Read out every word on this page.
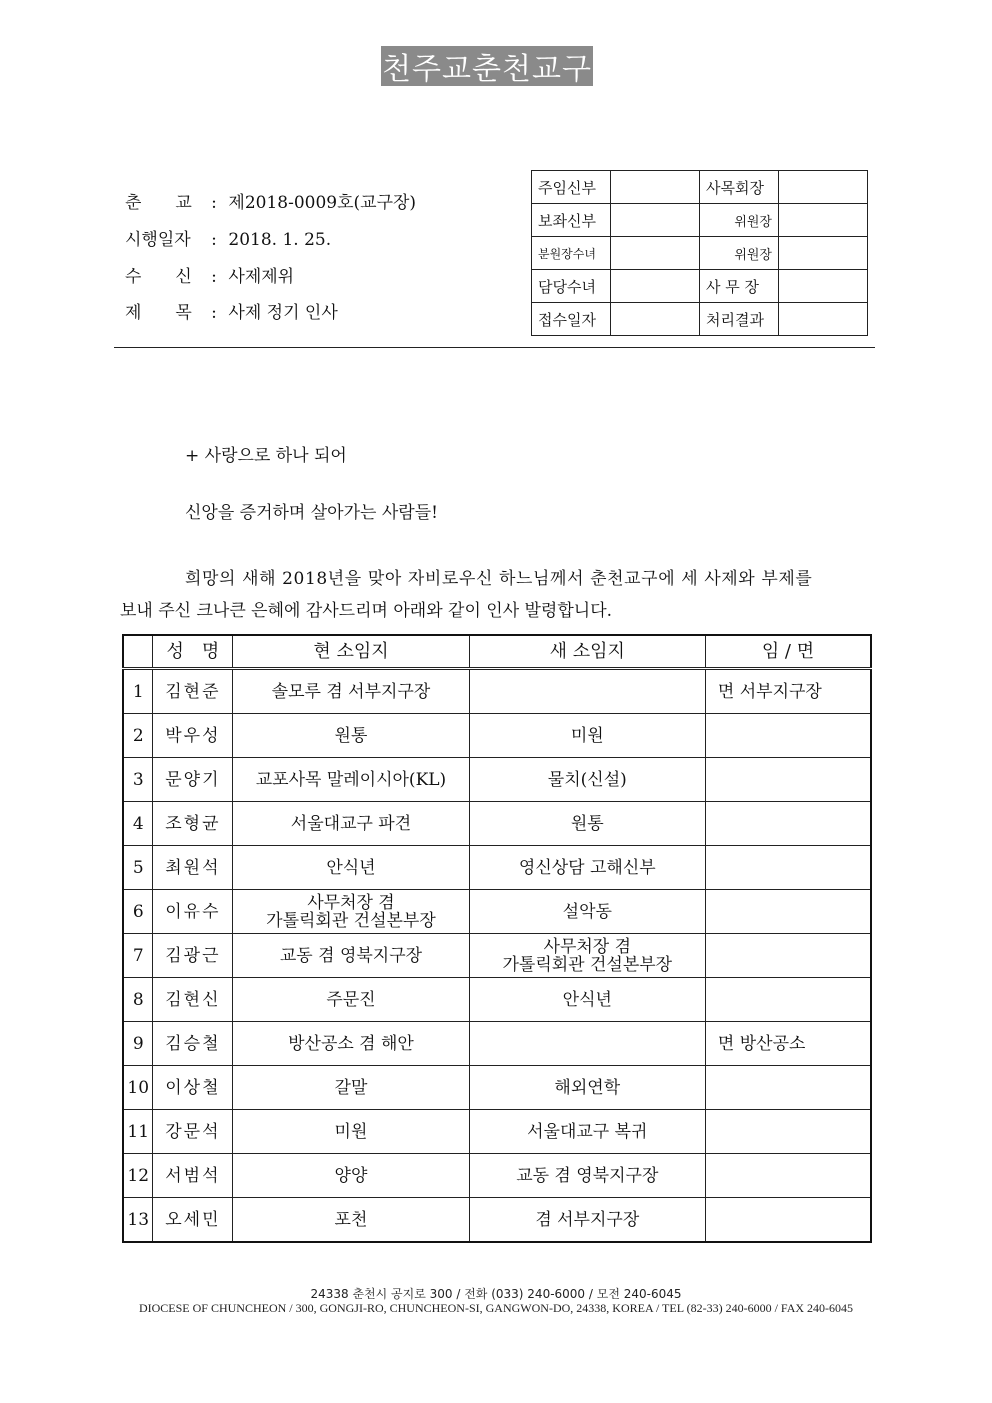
천주교춘천교구
춘　　교 : 제2018-0009호(교구장)
시행일자 : 2018. 1. 25.
수　　신 : 사제제위
제　　목 : 사제 정기 인사
주임신부		사목회장	
보좌신부		위원장	
분원장수녀		위원장	
담당수녀		사 무 장	
접수일자		처리결과	
+ 사랑으로 하나 되어
신앙을 증거하며 살아가는 사람들!
희망의 새해 2018년을 맞아 자비로우신 하느님께서 춘천교구에 세 사제와 부제를
보내 주신 크나큰 은혜에 감사드리며 아래와 같이 인사 발령합니다.
	성　명	현 소임지	새 소임지	임 / 면
1	김현준	솔모루 겸 서부지구장		면 서부지구장
2	박우성	원통	미원	
3	문양기	교포사목 말레이시아(KL)	물치(신설)	
4	조형균	서울대교구 파견	원통	
5	최원석	안식년	영신상담 고해신부	
6	이유수	사무처장 겸
가톨릭회관 건설본부장	설악동	
7	김광근	교동 겸 영북지구장	사무처장 겸
가톨릭회관 건설본부장	
8	김현신	주문진	안식년	
9	김승철	방산공소 겸 해안		면 방산공소
10	이상철	갈말	해외연학	
11	강문석	미원	서울대교구 복귀	
12	서범석	양양	교동 겸 영북지구장	
13	오세민	포천	겸 서부지구장	
24338 춘천시 공지로 300 / 전화 (033) 240-6000 / 모전 240-6045
DIOCESE OF CHUNCHEON / 300, GONGJI-RO, CHUNCHEON-SI, GANGWON-DO, 24338, KOREA / TEL (82-33) 240-6000 / FAX 240-6045
